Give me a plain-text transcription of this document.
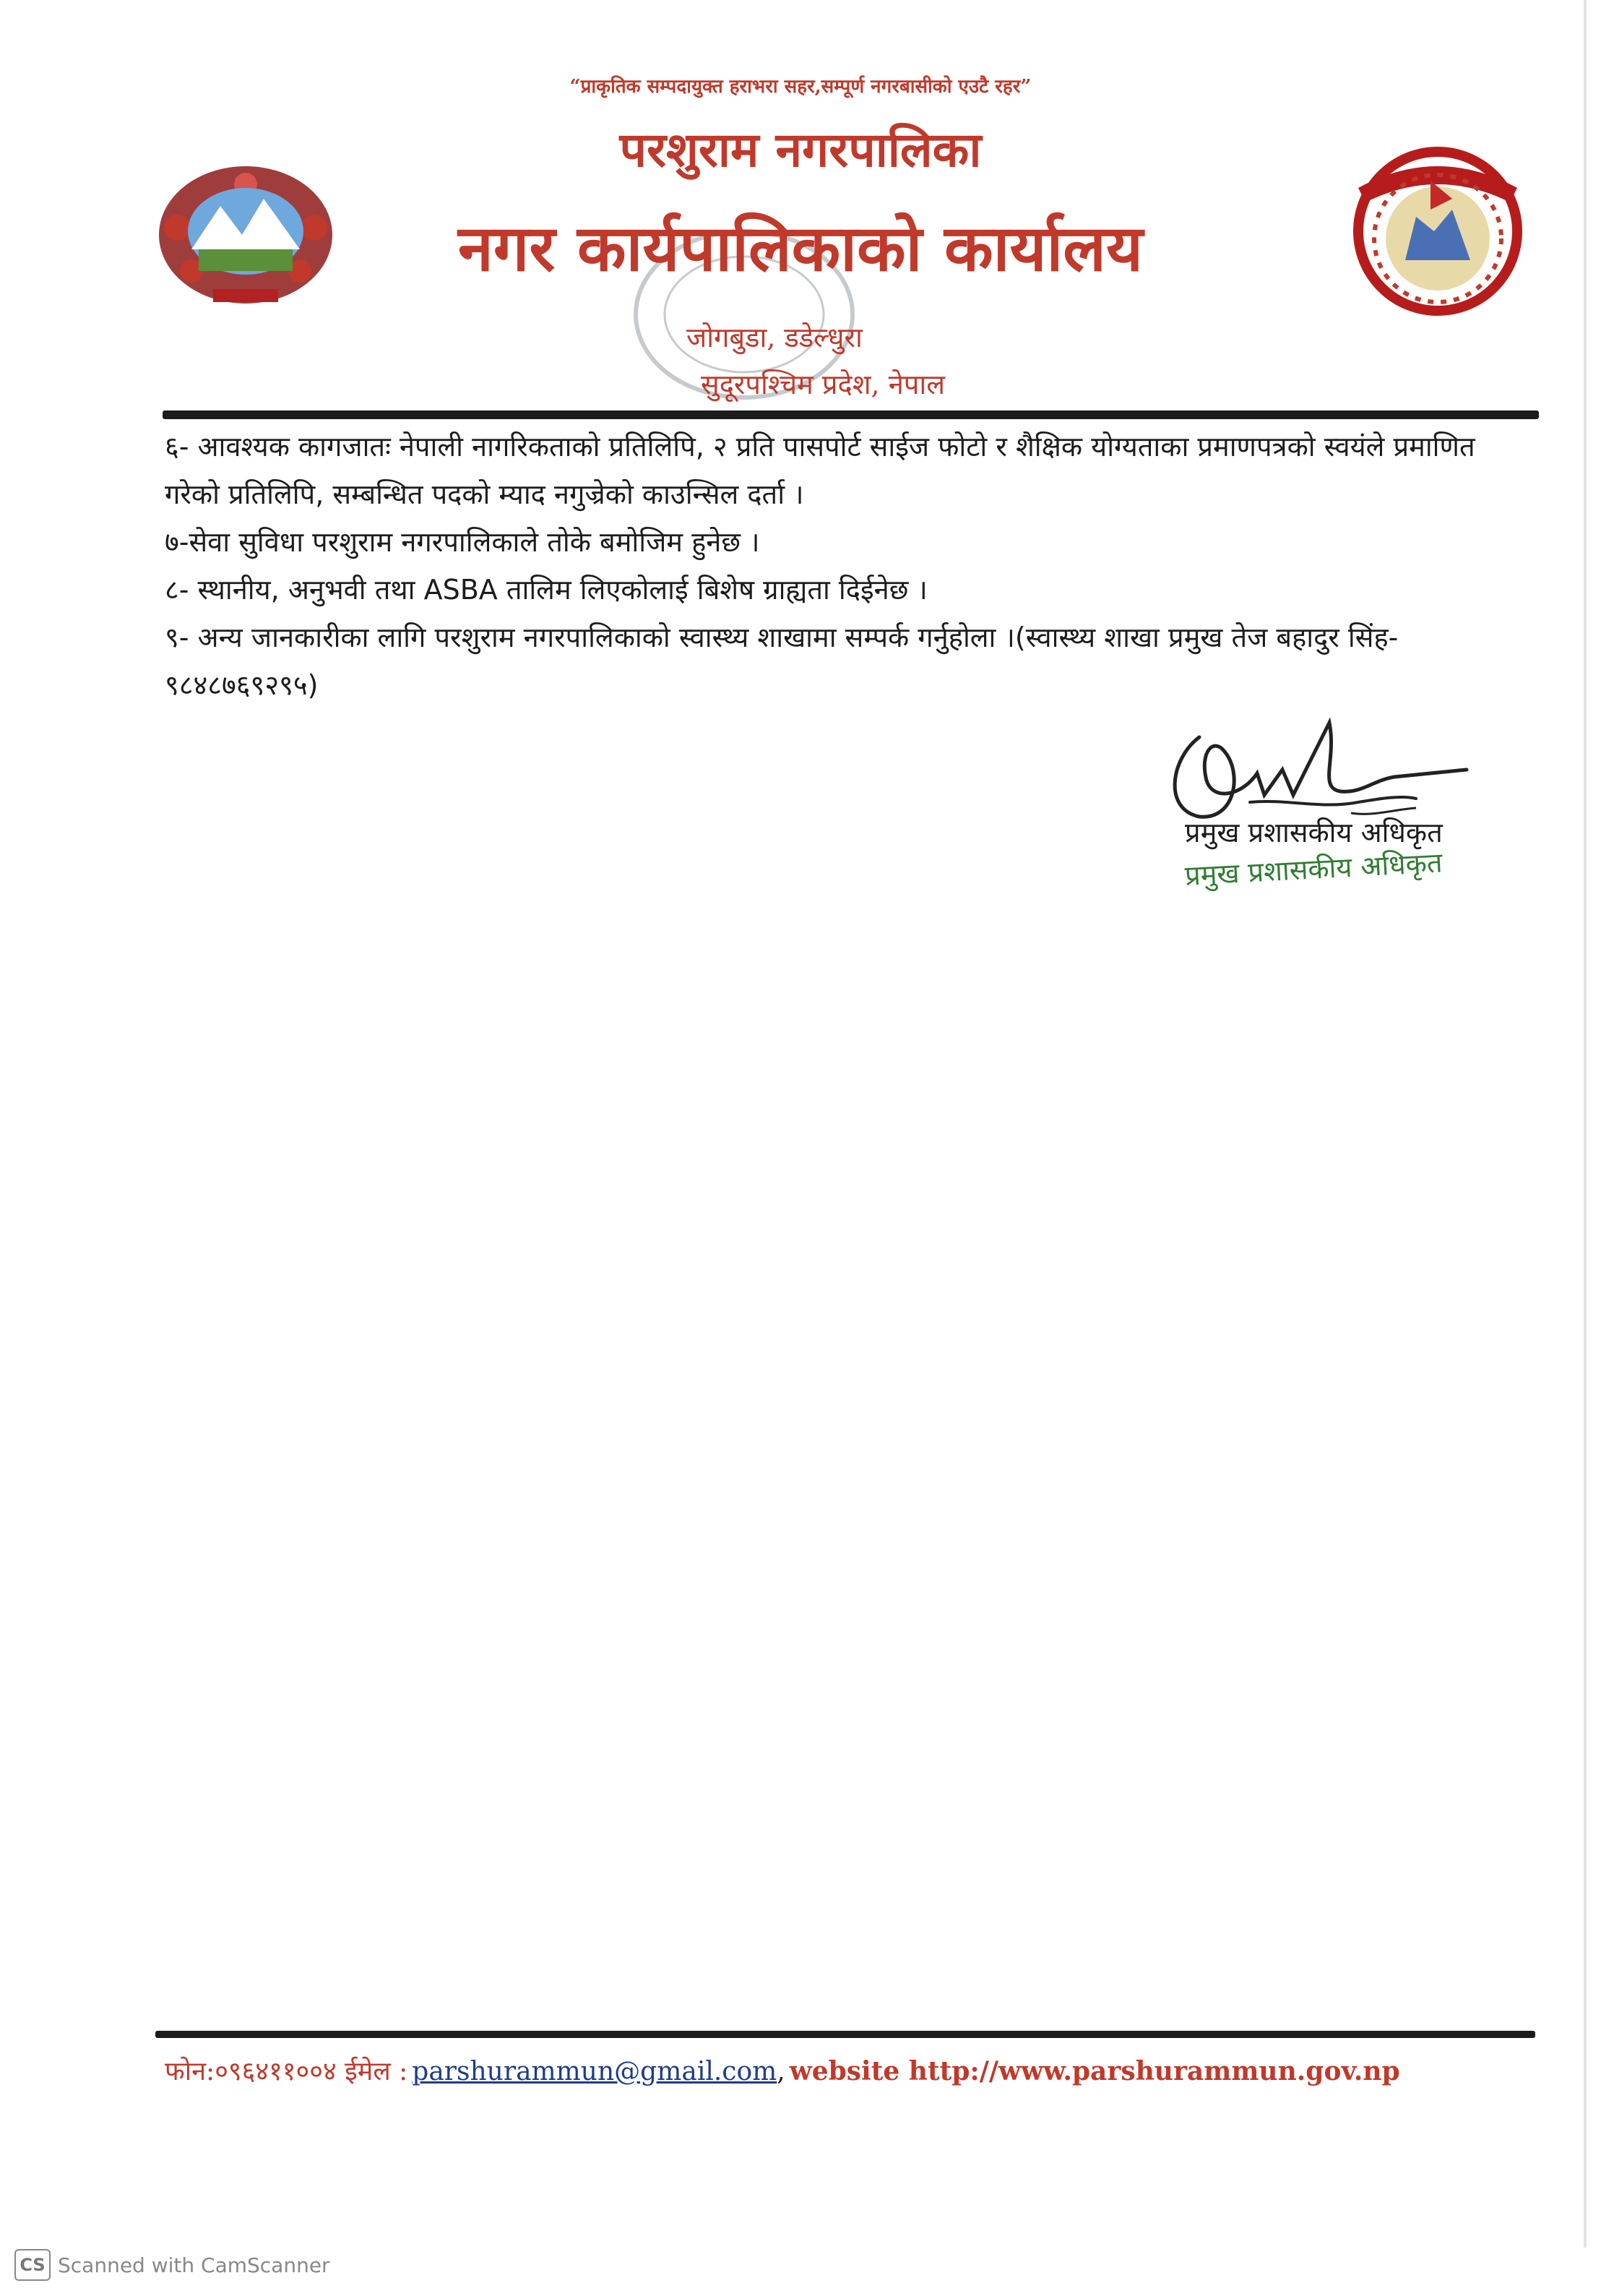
“प्राकृतिक सम्पदायुक्त हराभरा सहर,सम्पूर्ण नगरबासीको एउटै रहर”
परशुराम नगरपालिका
नगर कार्यपालिकाको कार्यालय
जोगबुडा, डडेल्धुरा
सुदूरपश्चिम प्रदेश, नेपाल

६- आवश्यक कागजातः नेपाली नागरिकताको प्रतिलिपि, २ प्रति पासपोर्ट साईज फोटो र शैक्षिक योग्यताका प्रमाणपत्रको स्वयंले प्रमाणित गरेको प्रतिलिपि, सम्बन्धित पदको म्याद नगुज्रेको काउन्सिल दर्ता ।

७-सेवा सुविधा परशुराम नगरपालिकाले तोके बमोजिम हुनेछ ।

८- स्थानीय, अनुभवी तथा ASBA तालिम लिएकोलाई बिशेष ग्राह्यता दिईनेछ ।

९- अन्य जानकारीका लागि परशुराम नगरपालिकाको स्वास्थ्य शाखामा सम्पर्क गर्नुहोला ।(स्वास्थ्य शाखा प्रमुख तेज बहादुर सिंह- ९८४८७६९२९५)

प्रमुख प्रशासकीय अधिकृत
प्रमुख प्रशासकीय अधिकृत
फोन:०९६४११००४ ईमेल : parshurammun@gmail.com, website http://www.parshurammun.gov.np
CS Scanned with CamScanner
